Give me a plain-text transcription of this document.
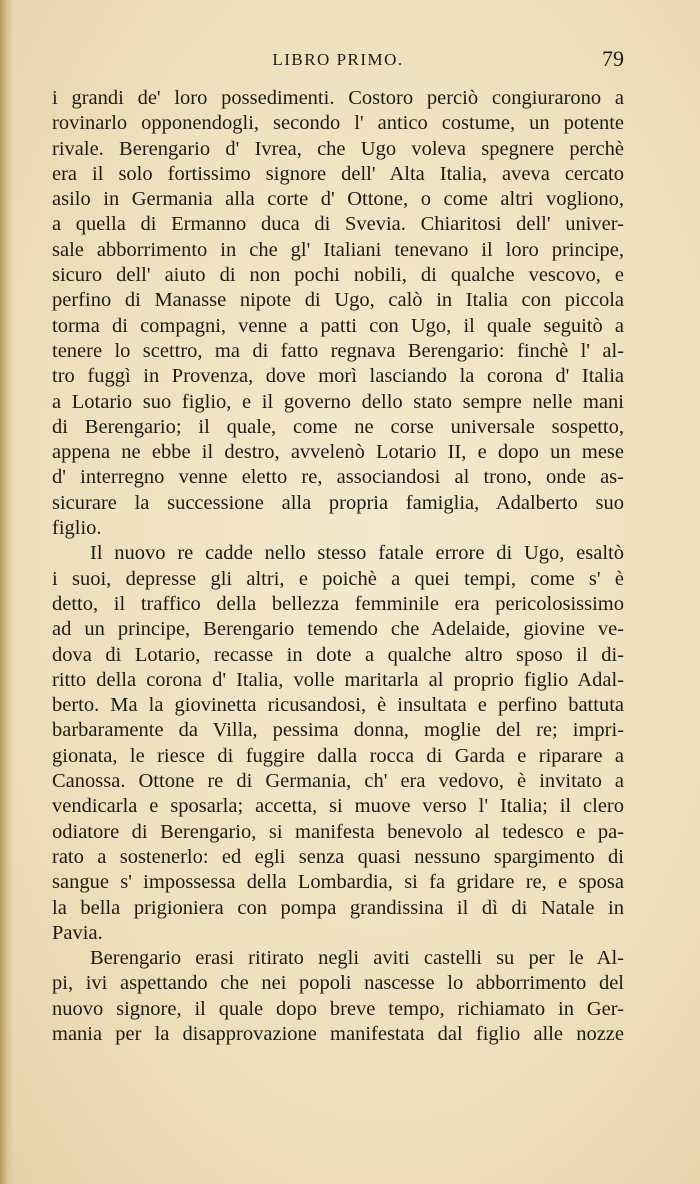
LIBRO PRIMO.	79
i grandi de' loro possedimenti. Costoro perciò congiurarono a
rovinarlo opponendogli, secondo l' antico costume, un potente
rivale. Berengario d' Ivrea, che Ugo voleva spegnere perchè
era il solo fortissimo signore dell' Alta Italia, aveva cercato
asilo in Germania alla corte d' Ottone, o come altri vogliono,
a quella di Ermanno duca di Svevia. Chiaritosi dell' univer-
sale abborrimento in che gl' Italiani tenevano il loro principe,
sicuro dell' aiuto di non pochi nobili, di qualche vescovo, e
perfino di Manasse nipote di Ugo, calò in Italia con piccola
torma di compagni, venne a patti con Ugo, il quale seguitò a
tenere lo scettro, ma di fatto regnava Berengario: finchè l' al-
tro fuggì in Provenza, dove morì lasciando la corona d' Italia
a Lotario suo figlio, e il governo dello stato sempre nelle mani
di Berengario; il quale, come ne corse universale sospetto,
appena ne ebbe il destro, avvelenò Lotario II, e dopo un mese
d' interregno venne eletto re, associandosi al trono, onde as-
sicurare la successione alla propria famiglia, Adalberto suo
figlio.
Il nuovo re cadde nello stesso fatale errore di Ugo, esaltò
i suoi, depresse gli altri, e poichè a quei tempi, come s' è
detto, il traffico della bellezza femminile era pericolosissimo
ad un principe, Berengario temendo che Adelaide, giovine ve-
dova di Lotario, recasse in dote a qualche altro sposo il di-
ritto della corona d' Italia, volle maritarla al proprio figlio Adal-
berto. Ma la giovinetta ricusandosi, è insultata e perfino battuta
barbaramente da Villa, pessima donna, moglie del re; impri-
gionata, le riesce di fuggire dalla rocca di Garda e riparare a
Canossa. Ottone re di Germania, ch' era vedovo, è invitato a
vendicarla e sposarla; accetta, si muove verso l' Italia; il clero
odiatore di Berengario, si manifesta benevolo al tedesco e pa-
rato a sostenerlo: ed egli senza quasi nessuno spargimento di
sangue s' impossessa della Lombardia, si fa gridare re, e sposa
la bella prigioniera con pompa grandissina il dì di Natale in
Pavia.
Berengario erasi ritirato negli aviti castelli su per le Al-
pi, ivi aspettando che nei popoli nascesse lo abborrimento del
nuovo signore, il quale dopo breve tempo, richiamato in Ger-
mania per la disapprovazione manifestata dal figlio alle nozze
